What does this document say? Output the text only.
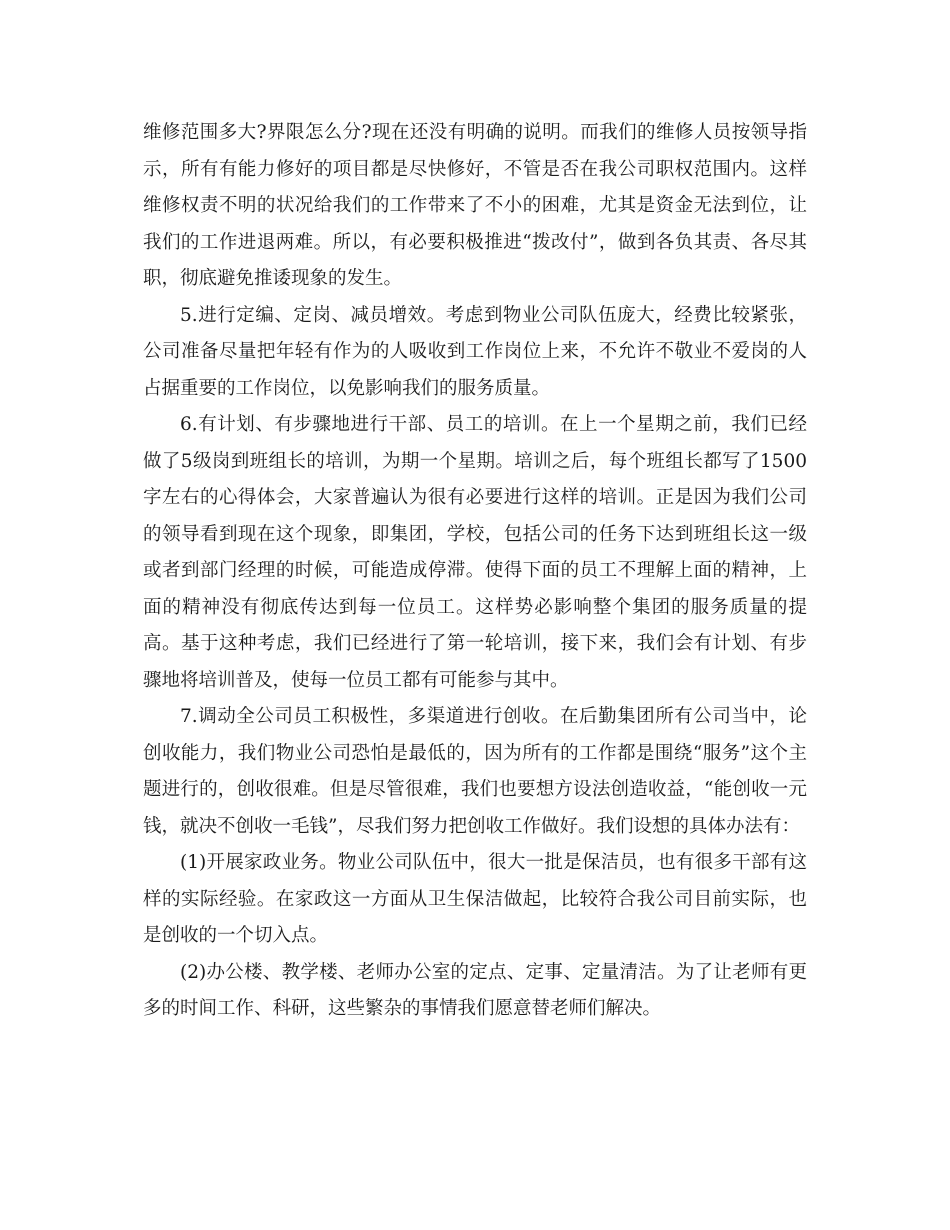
维修范围多大?界限怎么分?现在还没有明确的说明。而我们的维修人员按领导指示，所有有能力修好的项目都是尽快修好，不管是否在我公司职权范围内。这样维修权责不明的状况给我们的工作带来了不小的困难，尤其是资金无法到位，让我们的工作进退两难。所以，有必要积极推进“拨改付”，做到各负其责、各尽其职，彻底避免推诿现象的发生。

5.进行定编、定岗、减员增效。考虑到物业公司队伍庞大，经费比较紧张，公司准备尽量把年轻有作为的人吸收到工作岗位上来，不允许不敬业不爱岗的人占据重要的工作岗位，以免影响我们的服务质量。

6.有计划、有步骤地进行干部、员工的培训。在上一个星期之前，我们已经做了5级岗到班组长的培训，为期一个星期。培训之后，每个班组长都写了1500字左右的心得体会，大家普遍认为很有必要进行这样的培训。正是因为我们公司的领导看到现在这个现象，即集团，学校，包括公司的任务下达到班组长这一级或者到部门经理的时候，可能造成停滞。使得下面的员工不理解上面的精神，上面的精神没有彻底传达到每一位员工。这样势必影响整个集团的服务质量的提高。基于这种考虑，我们已经进行了第一轮培训，接下来，我们会有计划、有步骤地将培训普及，使每一位员工都有可能参与其中。

7.调动全公司员工积极性，多渠道进行创收。在后勤集团所有公司当中，论创收能力，我们物业公司恐怕是最低的，因为所有的工作都是围绕“服务”这个主题进行的，创收很难。但是尽管很难，我们也要想方设法创造收益，“能创收一元钱，就决不创收一毛钱”，尽我们努力把创收工作做好。我们设想的具体办法有：

(1)开展家政业务。物业公司队伍中，很大一批是保洁员，也有很多干部有这样的实际经验。在家政这一方面从卫生保洁做起，比较符合我公司目前实际，也是创收的一个切入点。

(2)办公楼、教学楼、老师办公室的定点、定事、定量清洁。为了让老师有更多的时间工作、科研，这些繁杂的事情我们愿意替老师们解决。
